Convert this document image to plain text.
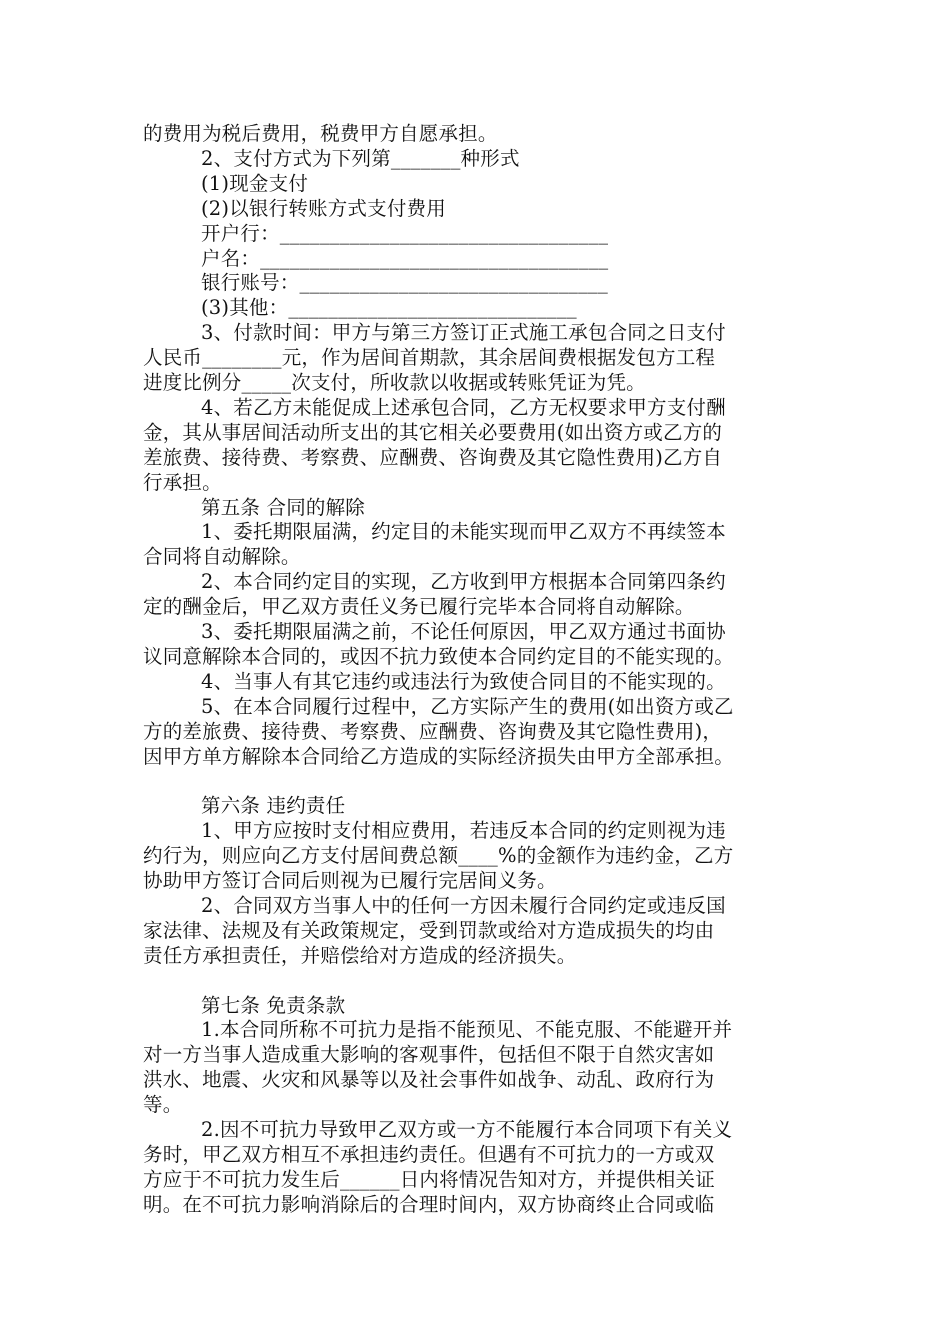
的费用为税后费用，税费甲方自愿承担。
2、支付方式为下列第_______种形式
(1)现金支付
(2)以银行转账方式支付费用
开户行：_________________________________
户名：___________________________________
银行账号：_______________________________
(3)其他：_____________________________
3、付款时间：甲方与第三方签订正式施工承包合同之日支付
人民币________元，作为居间首期款，其余居间费根据发包方工程
进度比例分_____次支付，所收款以收据或转账凭证为凭。
4、若乙方未能促成上述承包合同，乙方无权要求甲方支付酬
金，其从事居间活动所支出的其它相关必要费用(如出资方或乙方的
差旅费、接待费、考察费、应酬费、咨询费及其它隐性费用)乙方自
行承担。
第五条 合同的解除
1、委托期限届满，约定目的未能实现而甲乙双方不再续签本
合同将自动解除。
2、本合同约定目的实现，乙方收到甲方根据本合同第四条约
定的酬金后，甲乙双方责任义务已履行完毕本合同将自动解除。
3、委托期限届满之前，不论任何原因，甲乙双方通过书面协
议同意解除本合同的，或因不抗力致使本合同约定目的不能实现的。
4、当事人有其它违约或违法行为致使合同目的不能实现的。
5、在本合同履行过程中，乙方实际产生的费用(如出资方或乙
方的差旅费、接待费、考察费、应酬费、咨询费及其它隐性费用)，
因甲方单方解除本合同给乙方造成的实际经济损失由甲方全部承担。
第六条 违约责任
1、甲方应按时支付相应费用，若违反本合同的约定则视为违
约行为，则应向乙方支付居间费总额____%的金额作为违约金，乙方
协助甲方签订合同后则视为已履行完居间义务。
2、合同双方当事人中的任何一方因未履行合同约定或违反国
家法律、法规及有关政策规定，受到罚款或给对方造成损失的均由
责任方承担责任，并赔偿给对方造成的经济损失。
第七条 免责条款
1.本合同所称不可抗力是指不能预见、不能克服、不能避开并
对一方当事人造成重大影响的客观事件，包括但不限于自然灾害如
洪水、地震、火灾和风暴等以及社会事件如战争、动乱、政府行为
等。
2.因不可抗力导致甲乙双方或一方不能履行本合同项下有关义
务时，甲乙双方相互不承担违约责任。但遇有不可抗力的一方或双
方应于不可抗力发生后______日内将情况告知对方，并提供相关证
明。在不可抗力影响消除后的合理时间内，双方协商终止合同或临
